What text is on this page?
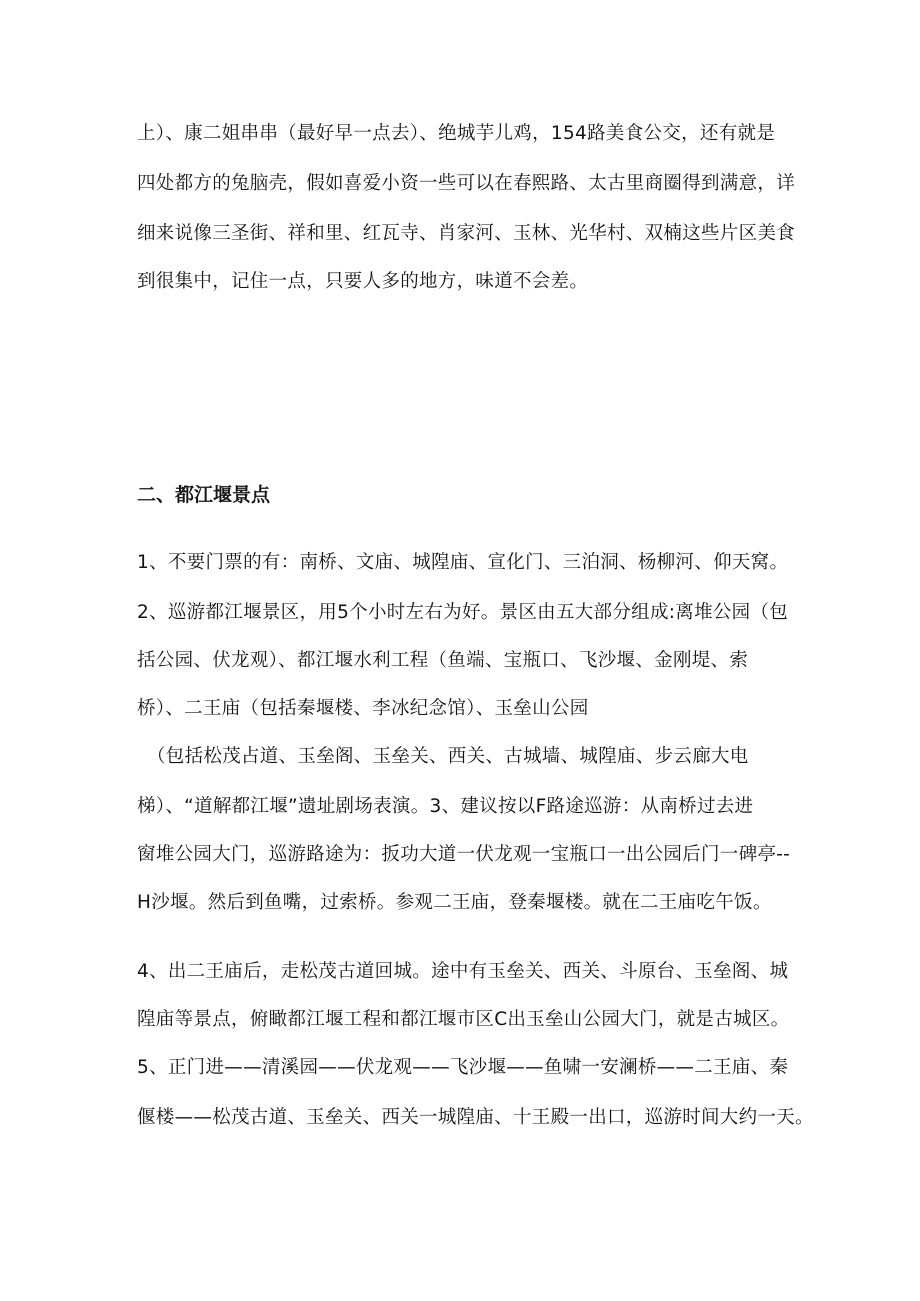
上）、康二姐串串（最好早一点去）、绝城芋儿鸡，154路美食公交，还有就是

四处都方的兔脑壳，假如喜爱小资一些可以在春熙路、太古里商圈得到满意，详

细来说像三圣街、祥和里、红瓦寺、肖家河、玉林、光华村、双楠这些片区美食

到很集中，记住一点，只要人多的地方，味道不会差。

二、都江堰景点

1、不要门票的有：南桥、文庙、城隍庙、宣化门、三泊洞、杨柳河、仰天窝。

2、巡游都江堰景区，用5个小时左右为好。景区由五大部分组成:离堆公园（包

括公园、伏龙观）、都江堰水利工程（鱼端、宝瓶口、飞沙堰、金刚堤、索

桥）、二王庙（包括秦堰楼、李冰纪念馆）、玉垒山公园

（包括松茂占道、玉垒阁、玉垒关、西关、古城墙、城隍庙、步云廊大电

梯）、“道解都江堰”遗址剧场表演。3、建议按以F路途巡游：从南桥过去进

窗堆公园大门，巡游路途为：扳功大道一伏龙观一宝瓶口一出公园后门一碑亭--

H沙堰。然后到鱼嘴，过索桥。参观二王庙，登秦堰楼。就在二王庙吃午饭。

4、出二王庙后，走松茂古道回城。途中有玉垒关、西关、斗原台、玉垒阁、城

隍庙等景点，俯瞰都江堰工程和都江堰市区C出玉垒山公园大门，就是古城区。

5、正门进——清溪园——伏龙观——飞沙堰——鱼啸一安澜桥——二王庙、秦

偃楼——松茂古道、玉垒关、西关一城隍庙、十王殿一出口，巡游时间大约一天。
